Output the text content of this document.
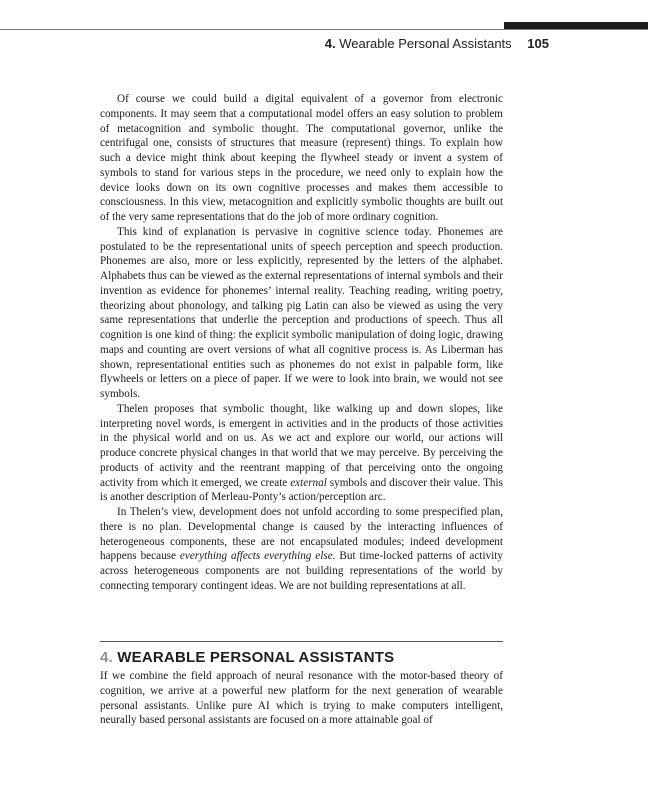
4. Wearable Personal Assistants 105

Of course we could build a digital equivalent of a governor from electronic components. It may seem that a computational model offers an easy solution to problem of metacognition and symbolic thought. The computational governor, unlike the centrifugal one, consists of structures that measure (represent) things. To explain how such a device might think about keeping the flywheel steady or invent a system of symbols to stand for various steps in the procedure, we need only to explain how the device looks down on its own cognitive processes and makes them accessible to consciousness. In this view, metacognition and explicitly symbolic thoughts are built out of the very same representations that do the job of more ordinary cognition.

This kind of explanation is pervasive in cognitive science today. Phonemes are postulated to be the representational units of speech perception and speech production. Phonemes are also, more or less explicitly, represented by the letters of the alphabet. Alphabets thus can be viewed as the external representations of internal symbols and their invention as evidence for phonemes’ internal reality. Teaching reading, writing poetry, theorizing about phonology, and talking pig Latin can also be viewed as using the very same representations that underlie the perception and productions of speech. Thus all cognition is one kind of thing: the explicit symbolic manipulation of doing logic, drawing maps and counting are overt versions of what all cognitive process is. As Liberman has shown, representational entities such as phonemes do not exist in palpable form, like flywheels or letters on a piece of paper. If we were to look into brain, we would not see symbols.

Thelen proposes that symbolic thought, like walking up and down slopes, like interpreting novel words, is emergent in activities and in the products of those activities in the physical world and on us. As we act and explore our world, our actions will produce concrete physical changes in that world that we may perceive. By perceiving the products of activity and the reentrant mapping of that perceiving onto the ongoing activity from which it emerged, we create external symbols and discover their value. This is another description of Merleau-Ponty’s action/perception arc.

In Thelen’s view, development does not unfold according to some prespecified plan, there is no plan. Developmental change is caused by the interacting influences of heterogeneous components, these are not encapsulated modules; indeed development happens because everything affects everything else. But time-locked patterns of activity across heterogeneous components are not building representations of the world by connecting temporary contingent ideas. We are not building representations at all.

4. WEARABLE PERSONAL ASSISTANTS

If we combine the field approach of neural resonance with the motor-based theory of cognition, we arrive at a powerful new platform for the next generation of wearable personal assistants. Unlike pure AI which is trying to make computers intelligent, neurally based personal assistants are focused on a more attainable goal of
